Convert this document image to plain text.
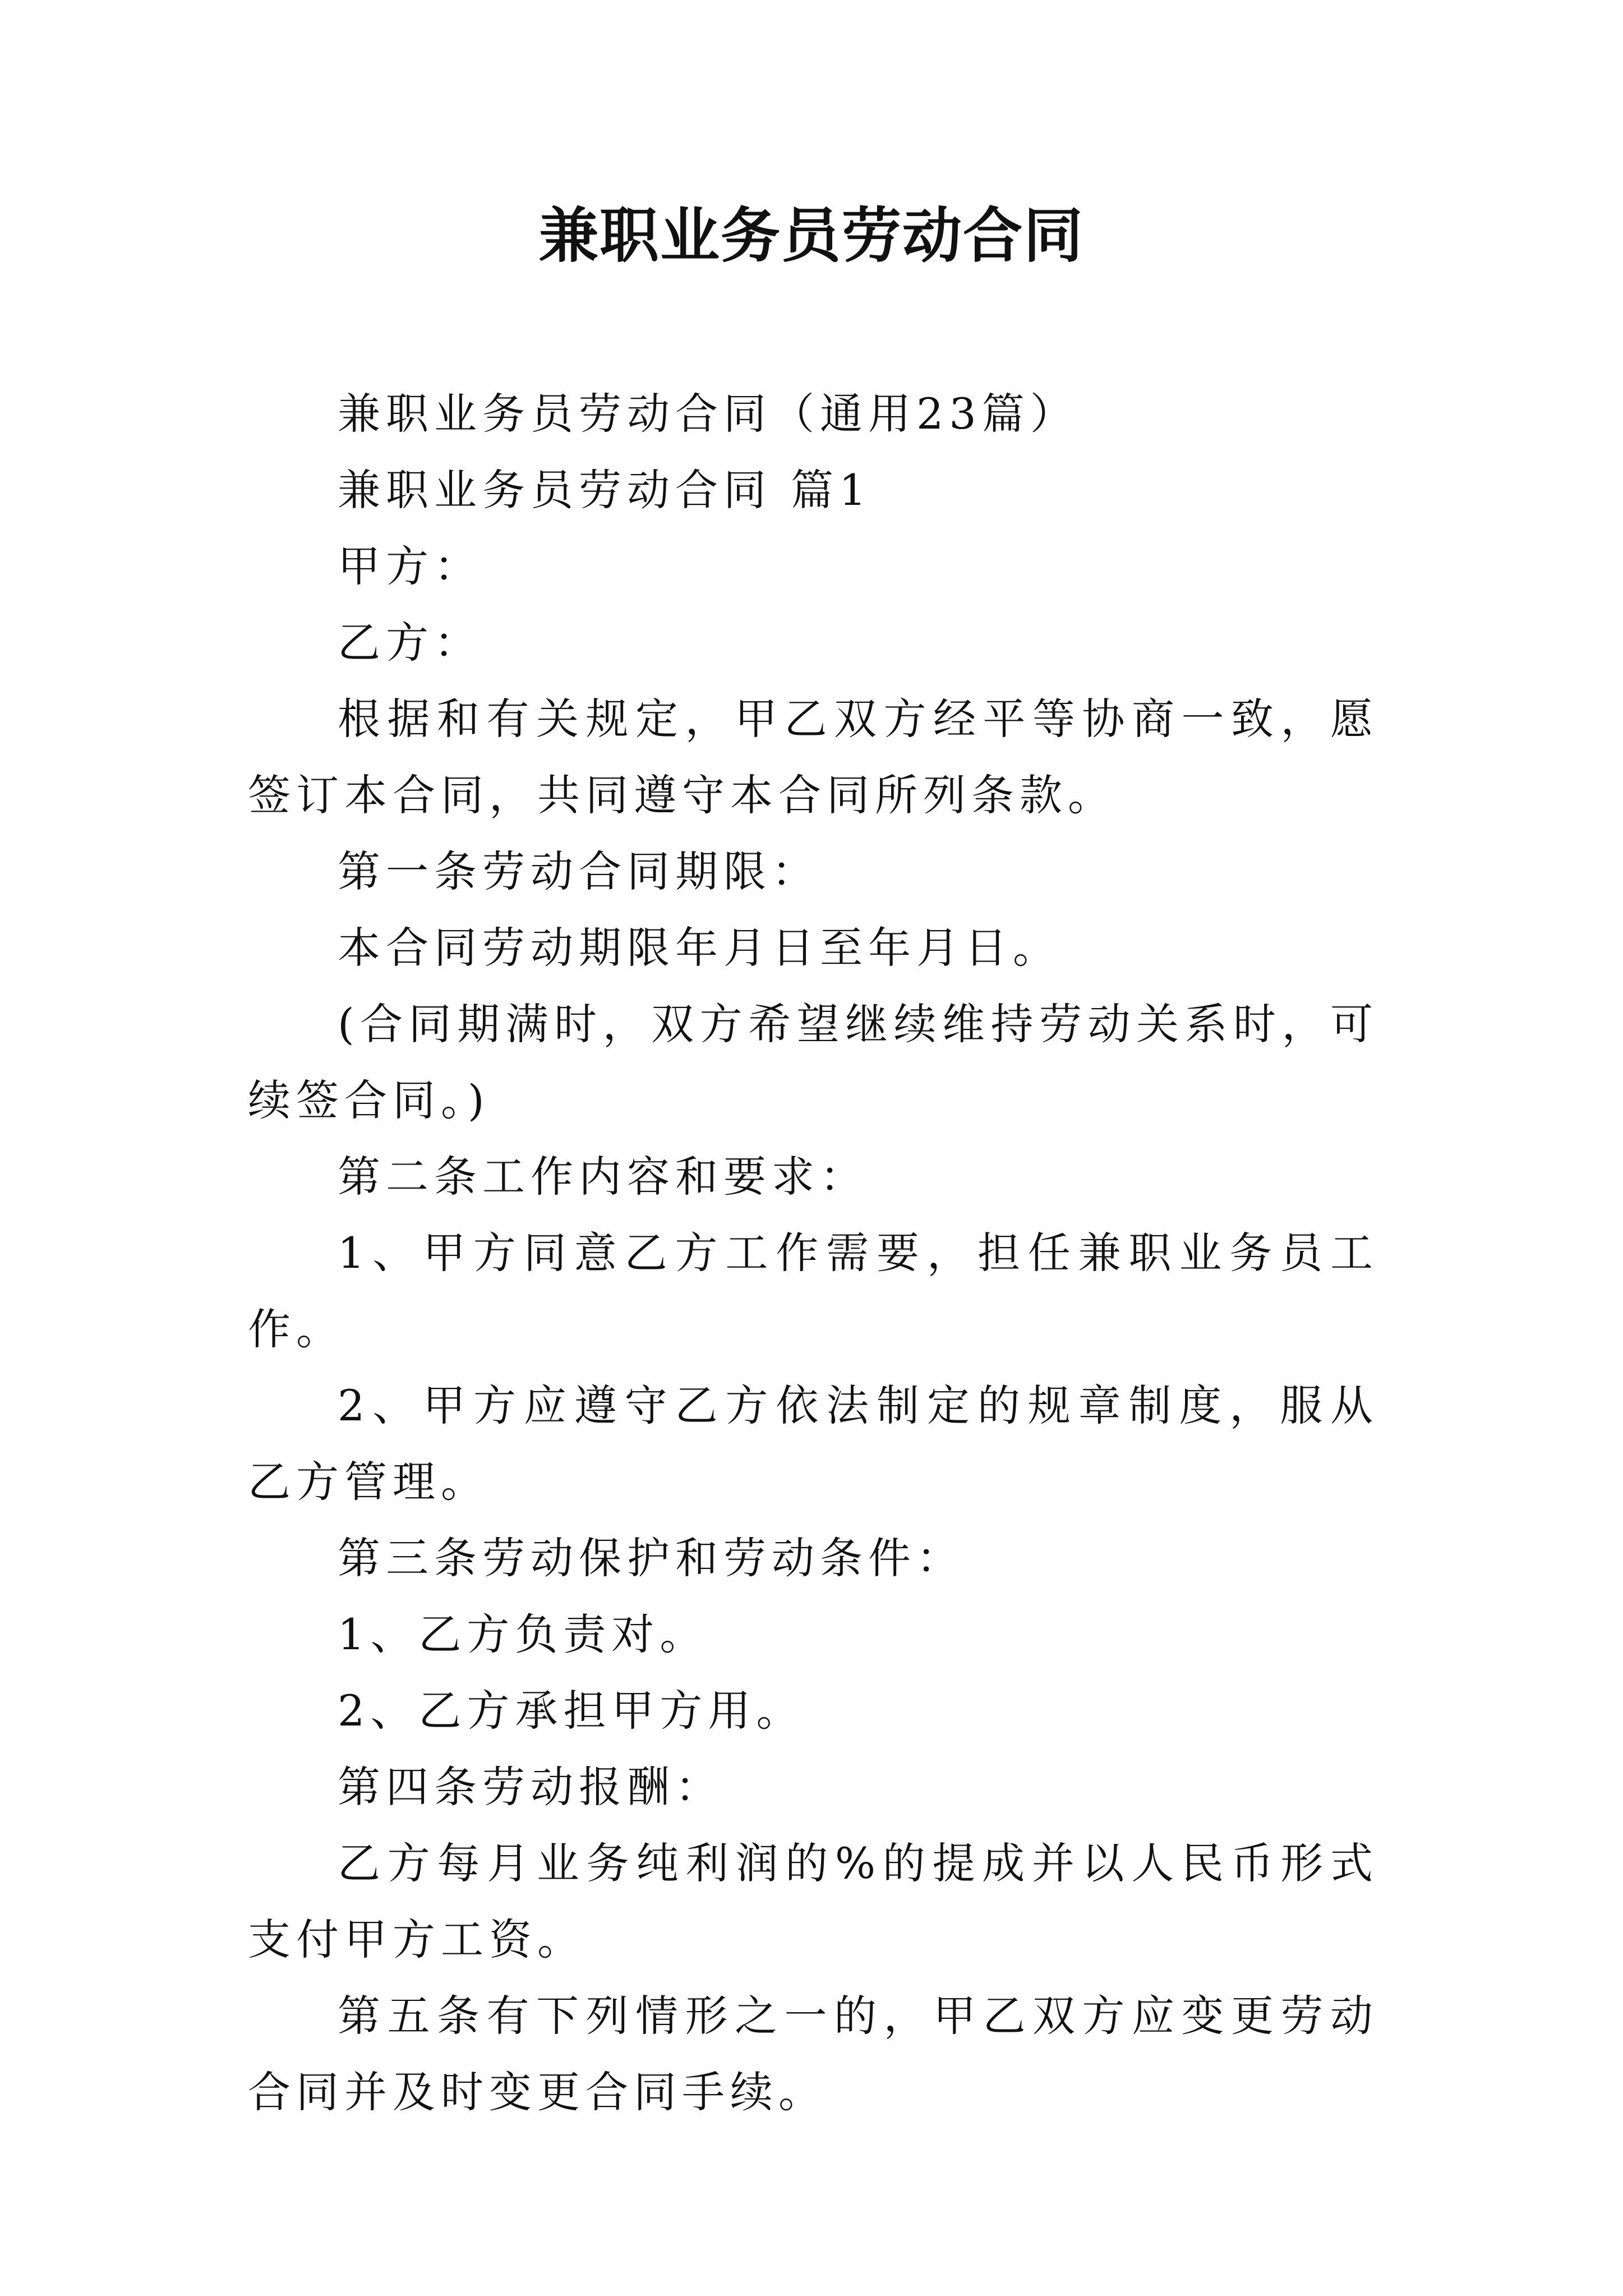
兼职业务员劳动合同

兼职业务员劳动合同（通用23篇）

兼职业务员劳动合同 篇1

甲方：

乙方：

根据和有关规定，甲乙双方经平等协商一致，愿签订本合同，共同遵守本合同所列条款。

第一条劳动合同期限：

本合同劳动期限年月日至年月日。

(合同期满时，双方希望继续维持劳动关系时，可续签合同。)

第二条工作内容和要求：

1、甲方同意乙方工作需要，担任兼职业务员工作。

2、甲方应遵守乙方依法制定的规章制度，服从乙方管理。

第三条劳动保护和劳动条件：

1、乙方负责对。

2、乙方承担甲方用。

第四条劳动报酬：

乙方每月业务纯利润的%的提成并以人民币形式支付甲方工资。

第五条有下列情形之一的，甲乙双方应变更劳动合同并及时变更合同手续。
